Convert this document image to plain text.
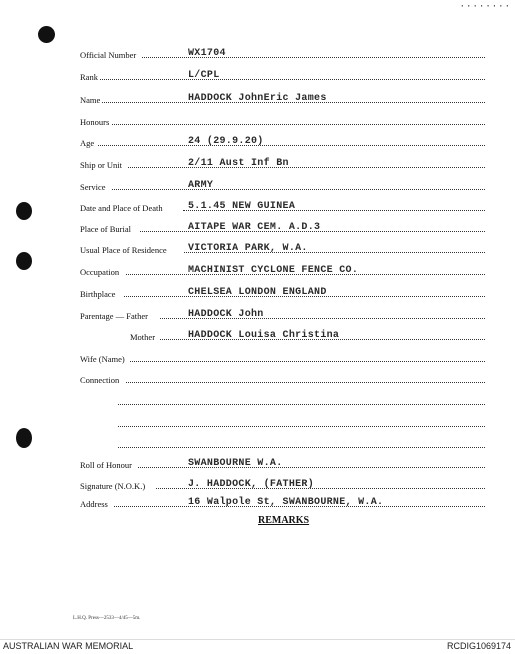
········
Official Number	WX1704
Rank	L/CPL
Name	HADDOCK JohnEric James
Honours
Age	24 (29.9.20)
Ship or Unit	2/11 Aust Inf Bn
Service	ARMY
Date and Place of Death	5.1.45 NEW GUINEA
Place of Burial	AITAPE WAR CEM. A.D.3
Usual Place of Residence VICTORIA PARK, W.A.
Occupation	MACHINIST CYCLONE FENCE CO.
Birthplace	CHELSEA LONDON ENGLAND
Parentage — Father	HADDOCK John
Mother	HADDOCK Louisa Christina
Wife (Name)
Connection
Roll of Honour	SWANBOURNE W.A.
Signature (N.O.K.)	J. HADDOCK, (FATHER)
Address	16 Walpole St, SWANBOURNE, W.A.
REMARKS
L.H.Q. Press—2533—4/45—5m.
AUSTRALIAN WAR MEMORIAL	RCDIG1069174
